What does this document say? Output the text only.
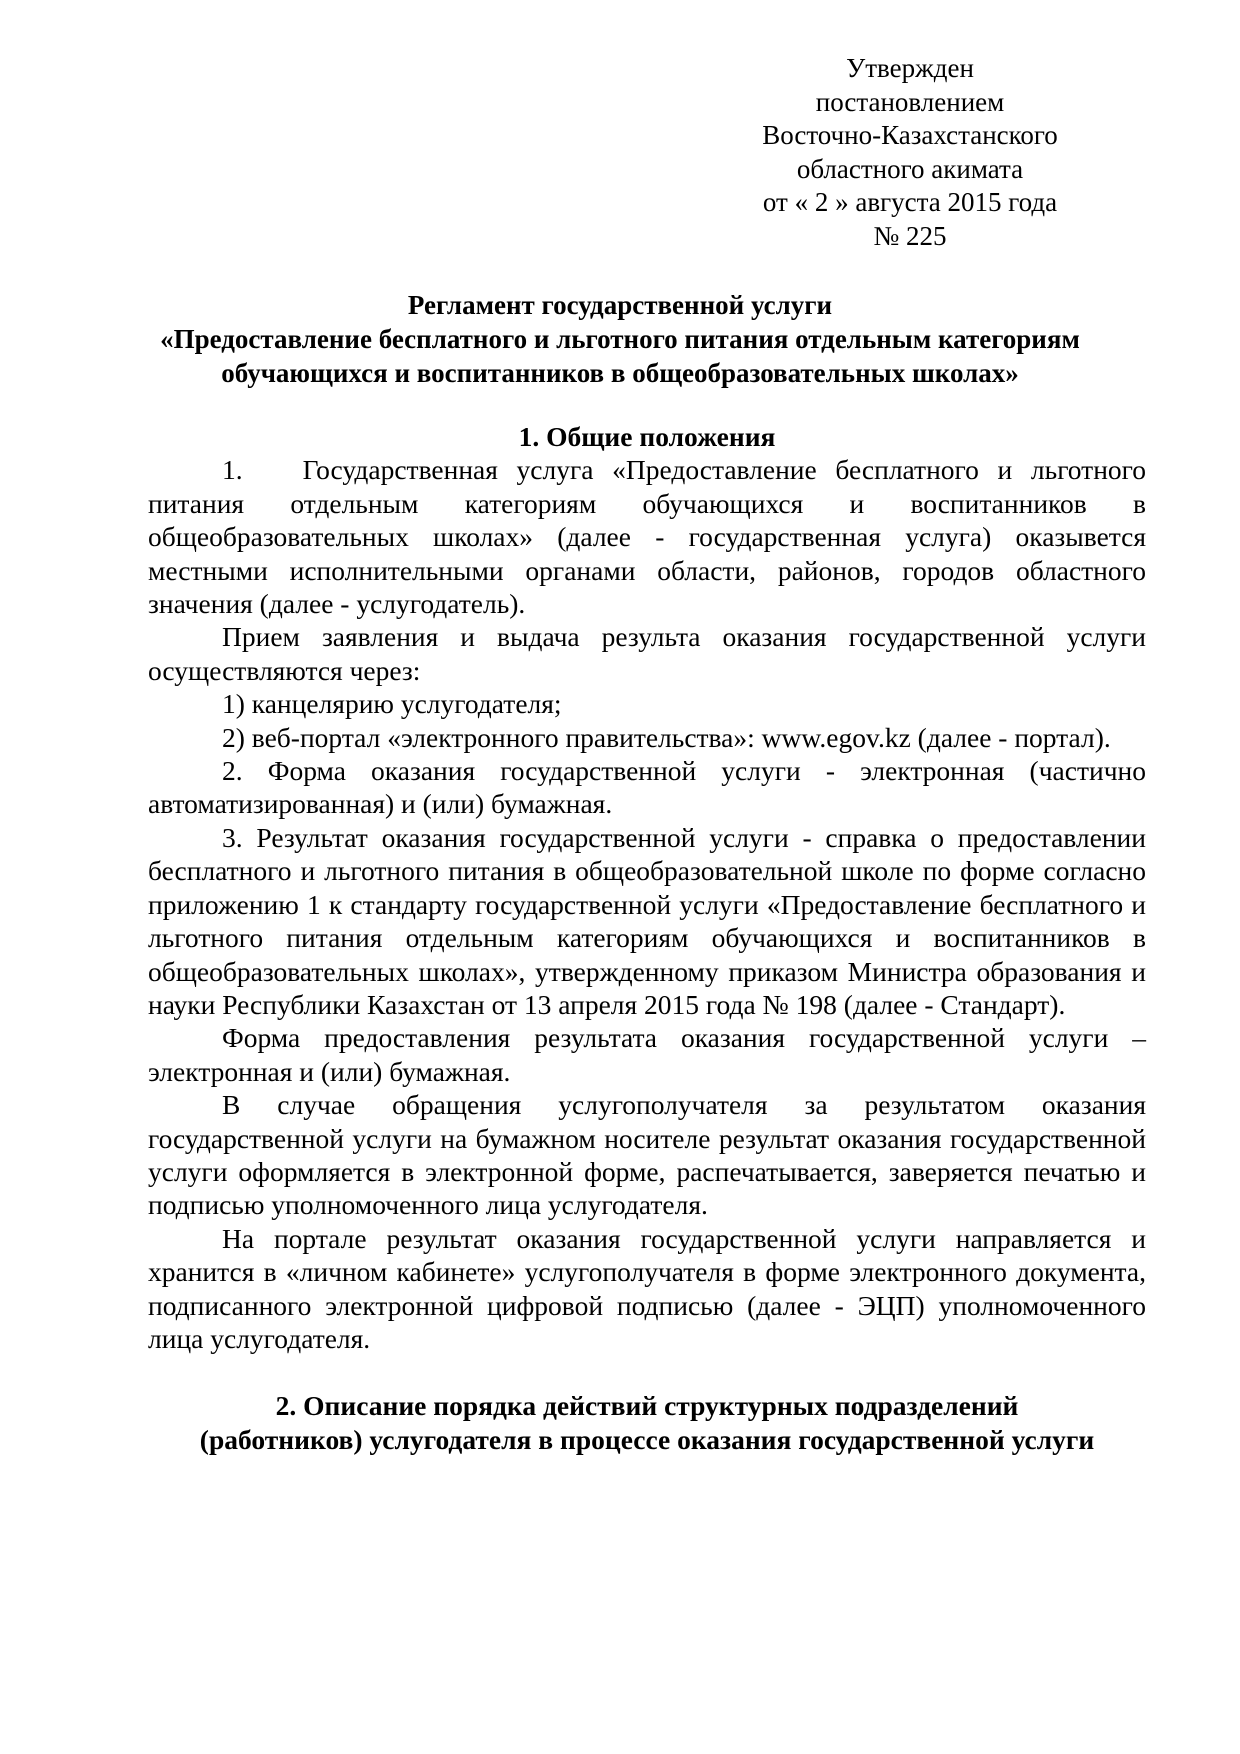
Утвержден
постановлением
Восточно-Казахстанского
областного акимата
от « 2 » августа 2015 года
№ 225
Регламент государственной услуги
«Предоставление бесплатного и льготного питания отдельным категориям
обучающихся и воспитанников в общеобразовательных школах»

1. Общие положения

1. Государственная услуга «Предоставление бесплатного и льготного питания отдельным категориям обучающихся и воспитанников в общеобразовательных школах» (далее - государственная услуга) оказывется местными исполнительными органами области, районов, городов областного значения (далее - услугодатель).

Прием заявления и выдача результа оказания государственной услуги осуществляются через:

1) канцелярию услугодателя;

2) веб-портал «электронного правительства»: www.egov.kz (далее - портал).

2. Форма оказания государственной услуги - электронная (частично автоматизированная) и (или) бумажная.

3. Результат оказания государственной услуги - справка о предоставлении бесплатного и льготного питания в общеобразовательной школе по форме согласно приложению 1 к стандарту государственной услуги «Предоставление бесплатного и льготного питания отдельным категориям обучающихся и воспитанников в общеобразовательных школах», утвержденному приказом Министра образования и науки Республики Казахстан от 13 апреля 2015 года № 198 (далее - Стандарт).

Форма предоставления результата оказания государственной услуги – электронная и (или) бумажная.

В случае обращения услугополучателя за результатом оказания государственной услуги на бумажном носителе результат оказания государственной услуги оформляется в электронной форме, распечатывается, заверяется печатью и подписью уполномоченного лица услугодателя.

На портале результат оказания государственной услуги направляется и хранится в «личном кабинете» услугополучателя в форме электронного документа, подписанного электронной цифровой подписью (далее - ЭЦП) уполномоченного лица услугодателя.

2. Описание порядка действий структурных подразделений
(работников) услугодателя в процессе оказания государственной услуги
